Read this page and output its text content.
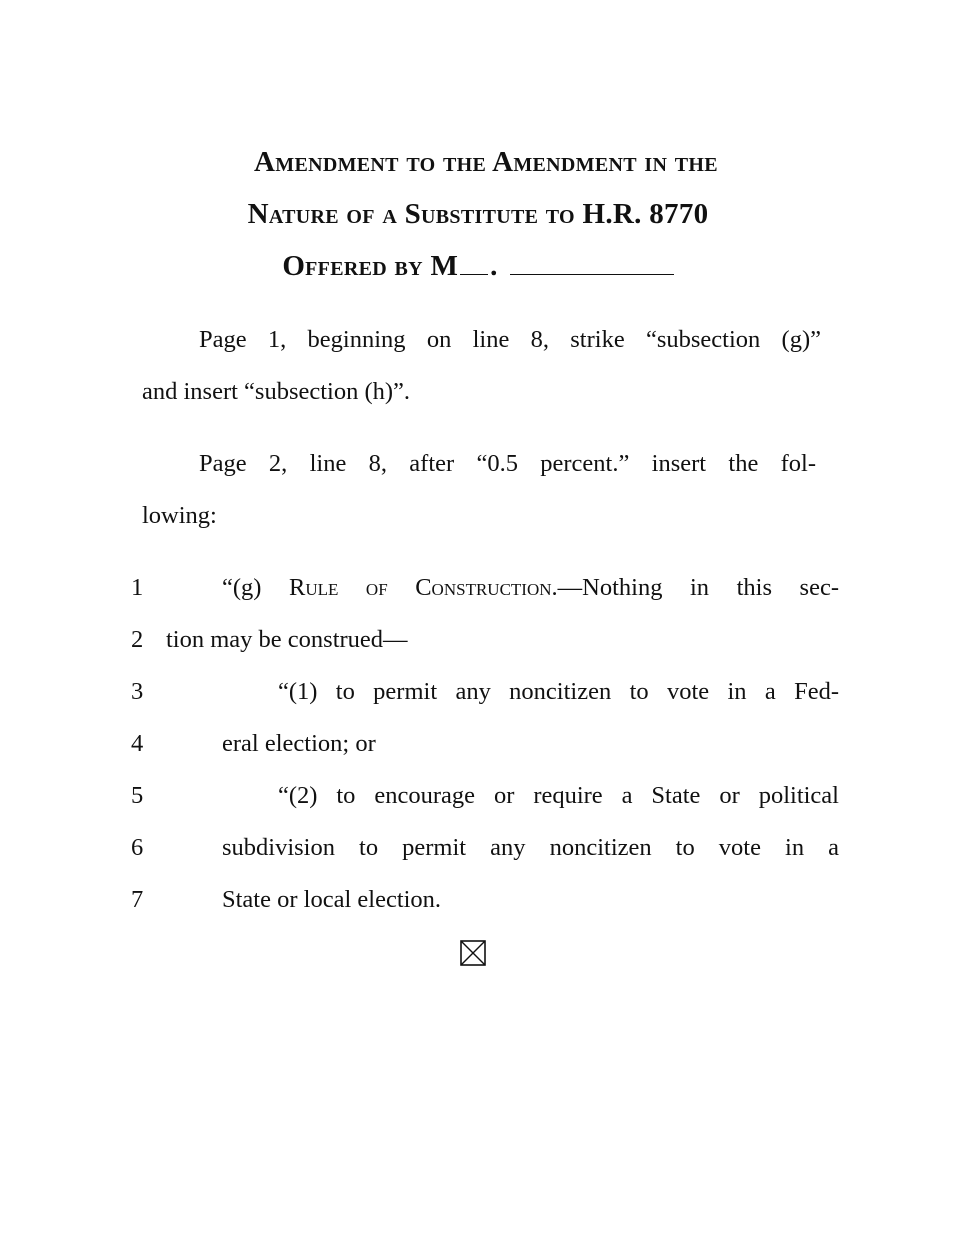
Amendment to the Amendment in the
Nature of a Substitute to H.R. 8770
Offered by M .
Page 1, beginning on line 8, strike “subsection (g)”
and insert “subsection (h)”.
Page 2, line 8, after “0.5 percent.” insert the fol-
lowing:
1
2
3
4
5
6
7
“(g) Rule of Construction.—Nothing in this sec-
tion may be construed—
“(1) to permit any noncitizen to vote in a Fed-
eral election; or
“(2) to encourage or require a State or political
subdivision to permit any noncitizen to vote in a
State or local election.
